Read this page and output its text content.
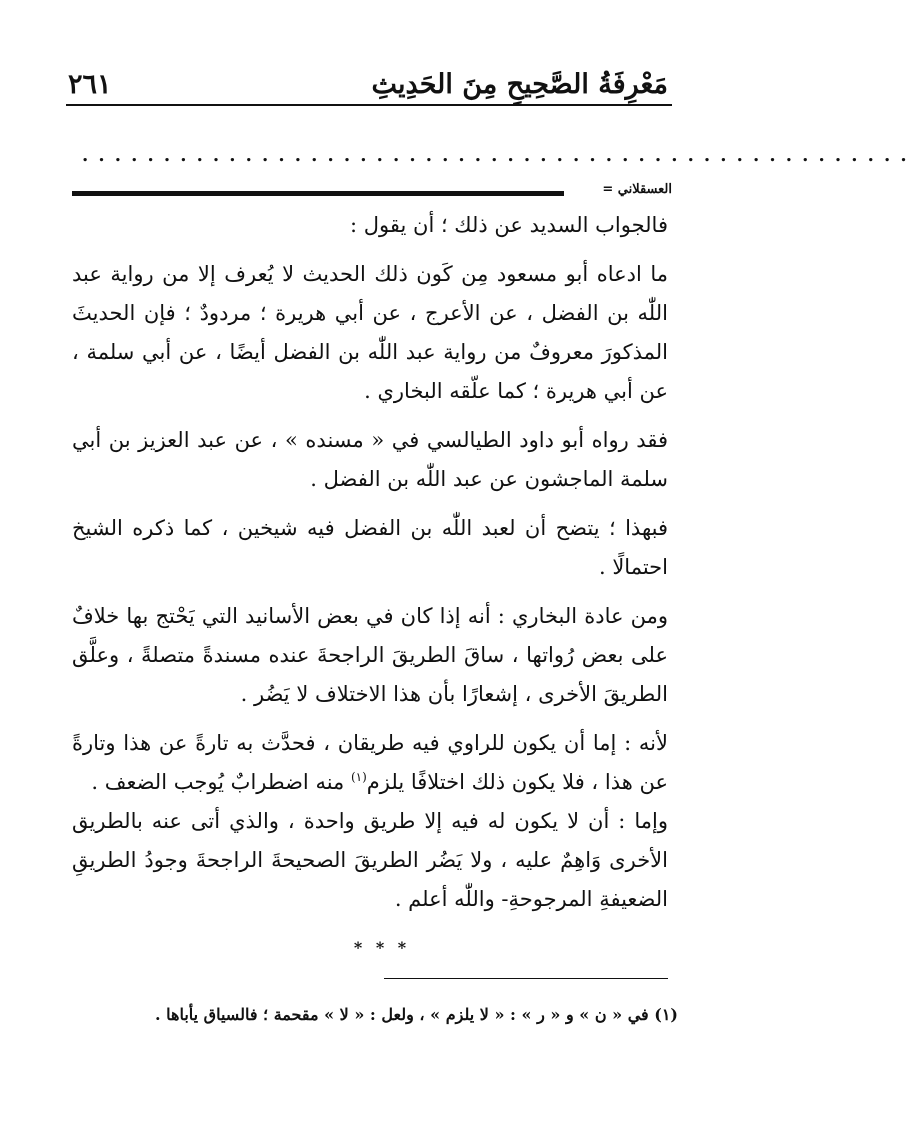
٢٦١	مَعْرِفَةُ الصَّحِيحِ مِنَ الحَدِيثِ
...................................................
العسقلاني =

فالجواب السديد عن ذلك ؛ أن يقول :

ما ادعاه أبو مسعود مِن كَون ذلك الحديث لا يُعرف إلا من رواية عبد اللّٰه بن الفضل ، عن الأعرج ، عن أبي هريرة ؛ مردودٌ ؛ فإن الحديثَ المذكورَ معروفٌ من رواية عبد اللّٰه بن الفضل أيضًا ، عن أبي سلمة ، عن أبي هريرة ؛ كما علّقه البخاري .

فقد رواه أبو داود الطيالسي في « مسنده » ، عن عبد العزيز بن أبي سلمة الماجشون عن عبد اللّٰه بن الفضل .

فبهذا ؛ يتضح أن لعبد اللّٰه بن الفضل فيه شيخين ، كما ذكره الشيخ احتمالًا .

ومن عادة البخاري : أنه إذا كان في بعض الأسانيد التي يَحْتج بها خلافٌ على بعض رُواتها ، ساقَ الطريقَ الراجحةَ عنده مسندةً متصلةً ، وعلَّق الطريقَ الأخرى ، إشعارًا بأن هذا الاختلاف لا يَضُر .

لأنه : إما أن يكون للراوي فيه طريقان ، فحدَّث به تارةً عن هذا وتارةً عن هذا ، فلا يكون ذلك اختلافًا يلزم$^{(١)}$ منه اضطرابٌ يُوجب الضعف .

وإما : أن لا يكون له فيه إلا طريق واحدة ، والذي أتى عنه بالطريق الأخرى وَاهِمٌ عليه ، ولا يَضُر الطريقَ الصحيحةَ الراجحةَ وجودُ الطريقِ الضعيفةِ المرجوحةِ- واللّٰه أعلم .

* * *
(١) في « ن » و « ر » : « لا يلزم » ، ولعل : « لا » مقحمة ؛ فالسياق يأباها .
